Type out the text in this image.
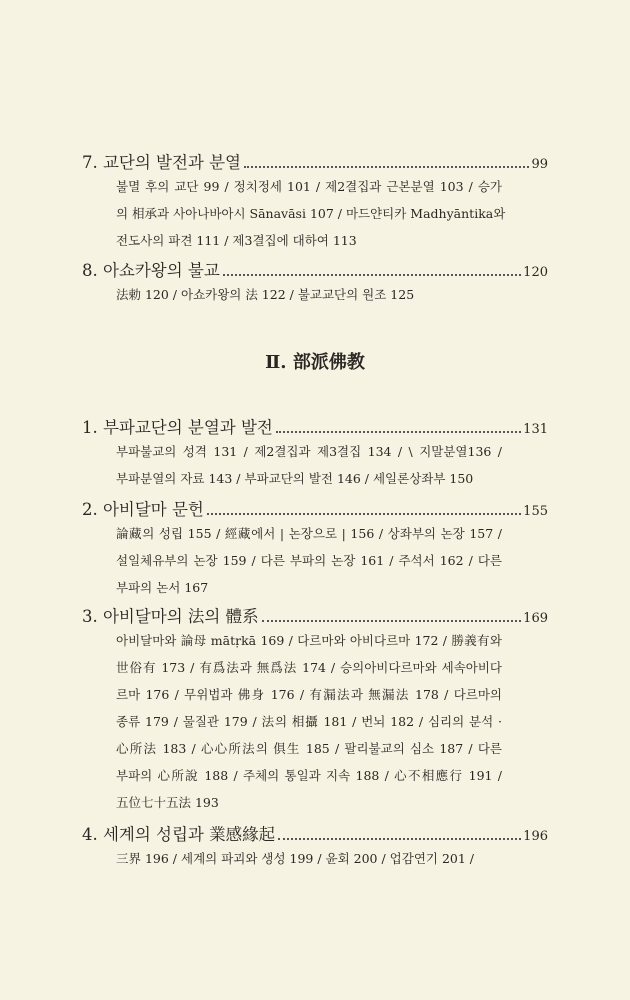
7. 교단의 발전과 분열	99
불멸 후의 교단 99 / 정치정세 101 / 제2결집과 근본분열 103 / 승가
의 相承과 사아나바아시 Sānavāsi 107 / 마드얀티카 Madhyāntika와
전도사의 파견 111 / 제3결집에 대하여 113
8. 아쇼카왕의 불교	120
法勅 120 / 아쇼카왕의 法 122 / 불교교단의 원조 125
Ⅱ. 部派佛教
1. 부파교단의 분열과 발전	131
부파불교의 성격 131 / 제2결집과 제3결집 134 / \ 지말분열136 /
부파분열의 자료 143 / 부파교단의 발전 146 / 세일론상좌부 150
2. 아비달마 문헌	155
論藏의 성립 155 / 經藏에서 | 논장으로 | 156 / 상좌부의 논장 157 /
설일체유부의 논장 159 / 다른 부파의 논장 161 / 주석서 162 / 다른
부파의 논서 167
3. 아비달마의 法의 體系	169
아비달마와 論母 mātṛkā 169 / 다르마와 아비다르마 172 / 勝義有와
世俗有 173 / 有爲法과 無爲法 174 / 승의아비다르마와 세속아비다
르마 176 / 무위법과 佛身 176 / 有漏法과 無漏法 178 / 다르마의
종류 179 / 물질관 179 / 法의 相攝 181 / 번뇌 182 / 심리의 분석 ·
心所法 183 / 心心所法의 俱生 185 / 팔리불교의 심소 187 / 다른
부파의 心所說 188 / 주체의 통일과 지속 188 / 心不相應行 191 /
五位七十五法 193
4. 세계의 성립과 業感緣起	196
三界 196 / 세계의 파괴와 생성 199 / 윤회 200 / 업감연기 201 /
